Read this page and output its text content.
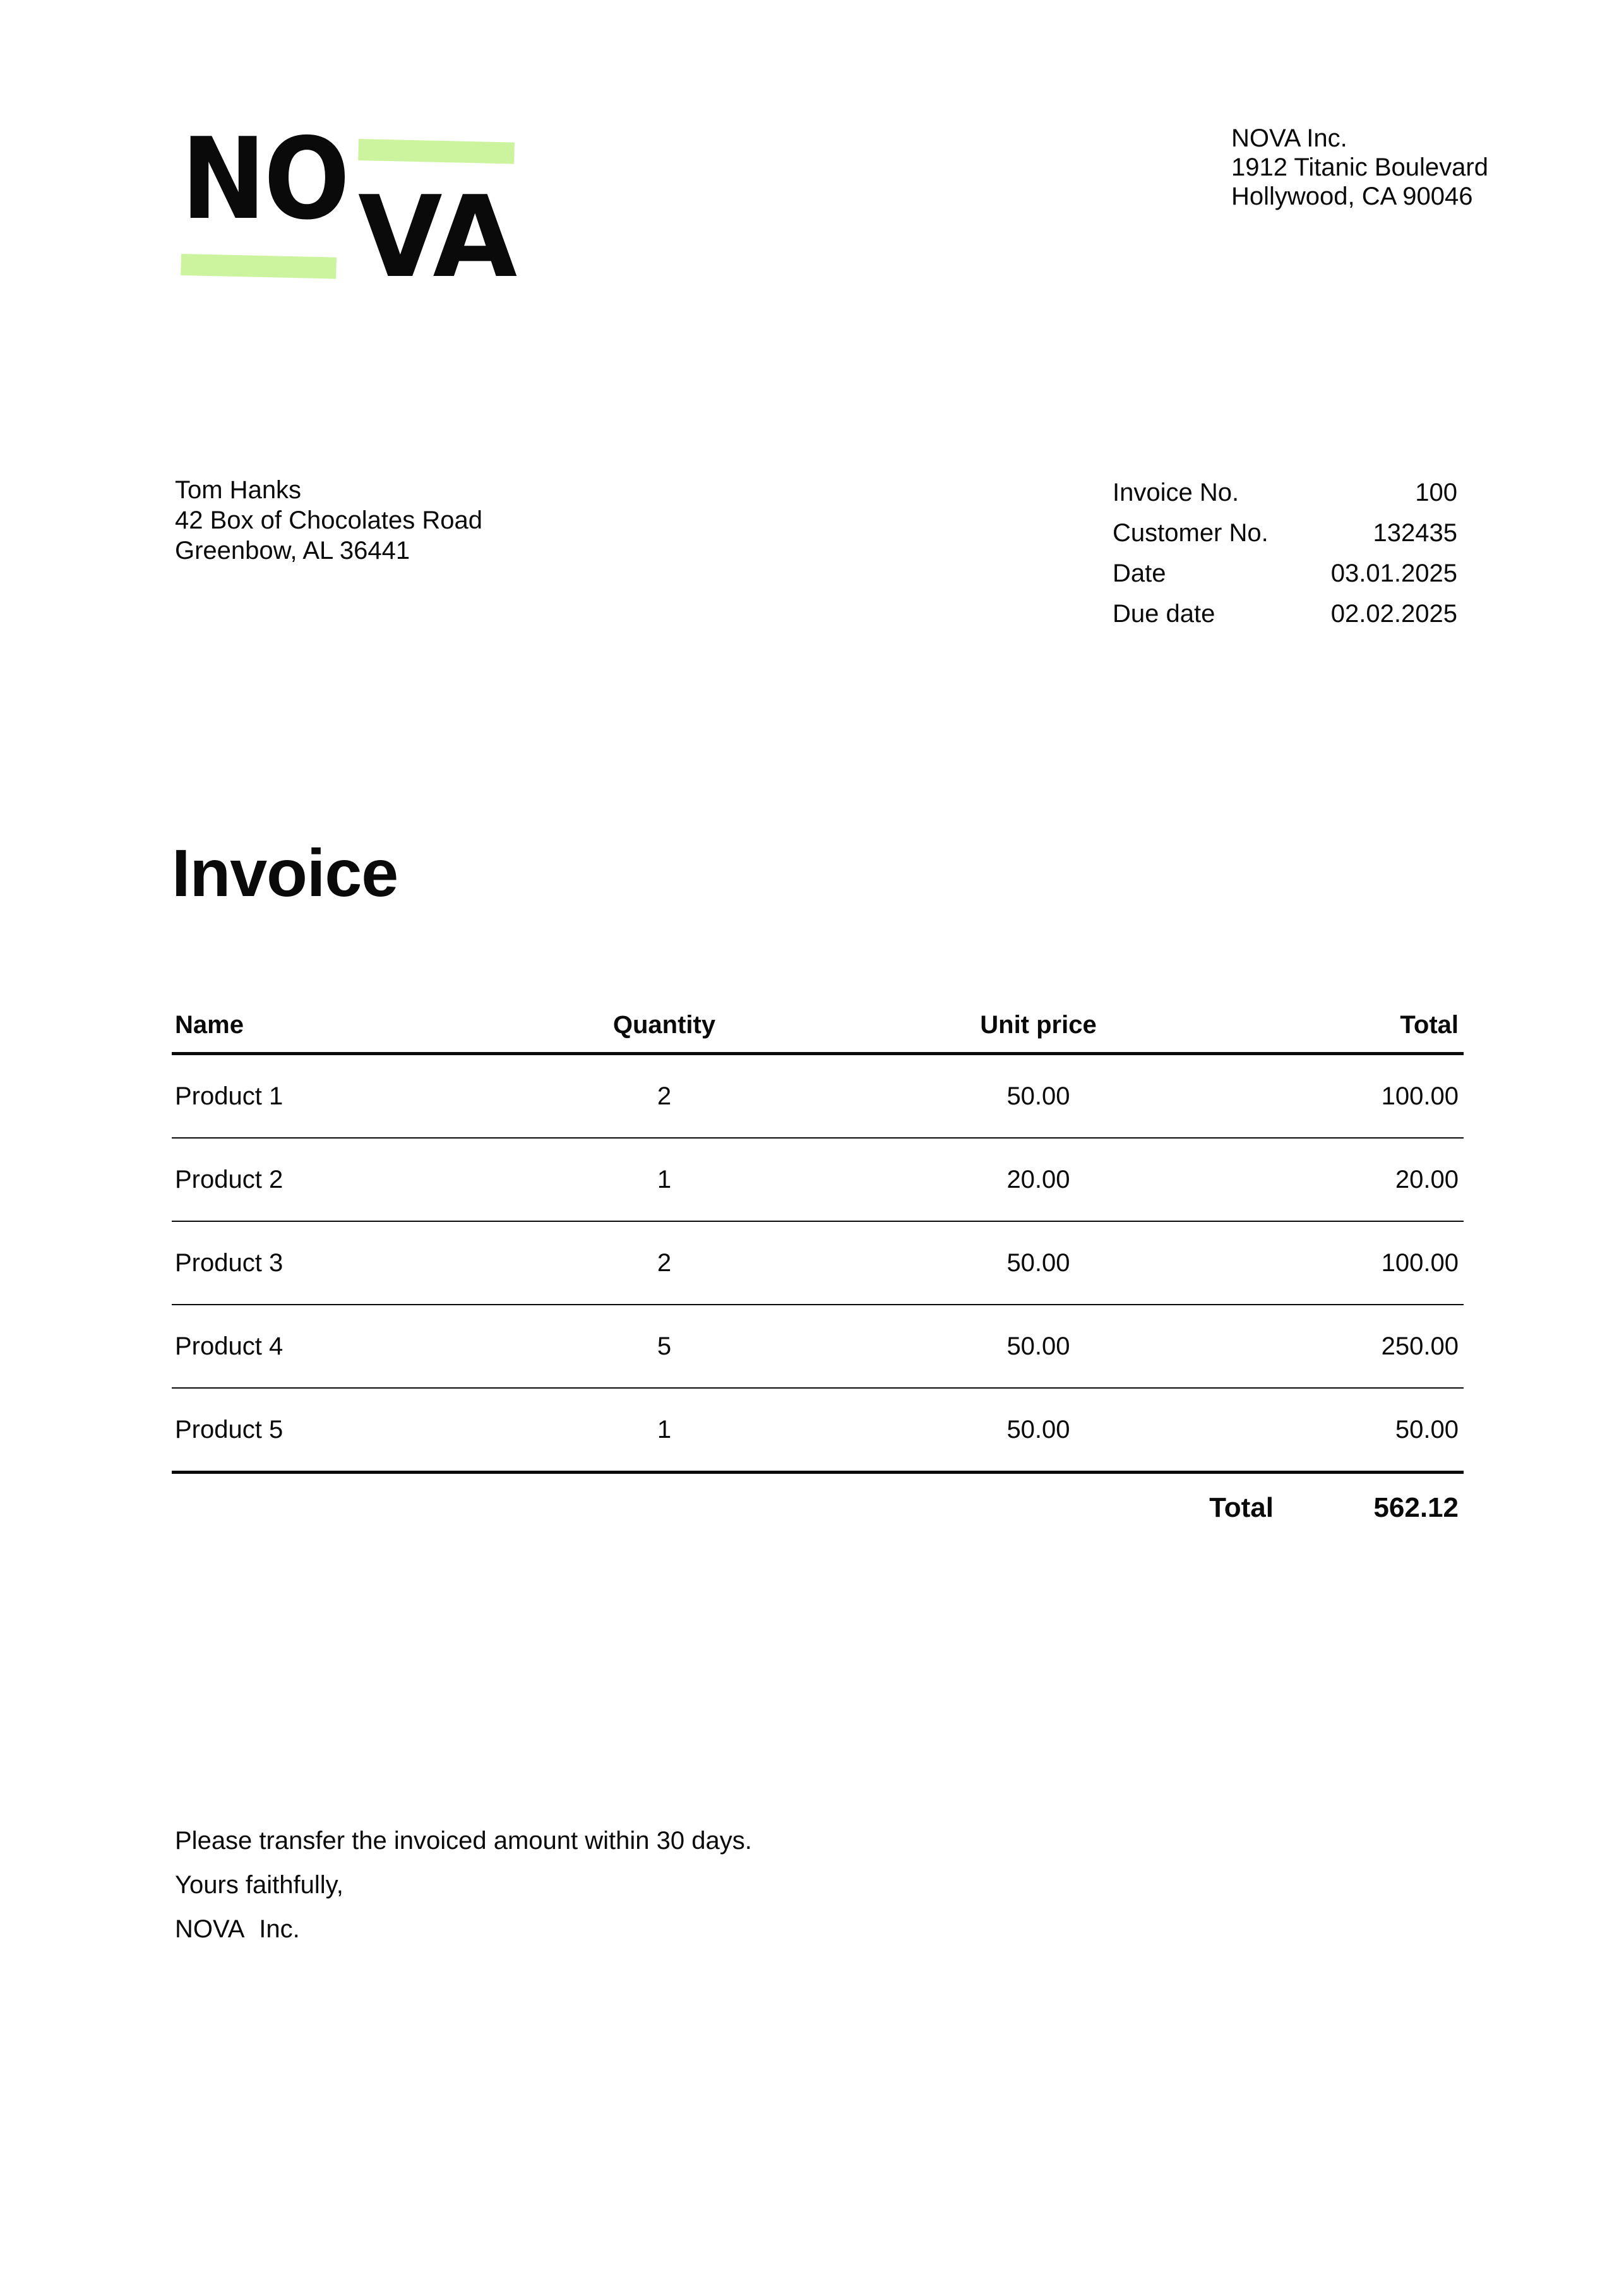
NO VA
NOVA Inc.
1912 Titanic Boulevard
Hollywood, CA 90046
Tom Hanks
42 Box of Chocolates Road
Greenbow, AL 36441
Invoice No.	100
Customer No.	132435
Date	03.01.2025
Due date	02.02.2025
Invoice
Name	Quantity	Unit price	Total
Product 1	2	50.00	100.00
Product 2	1	20.00	20.00
Product 3	2	50.00	100.00
Product 4	5	50.00	250.00
Product 5	1	50.00	50.00
Total	562.12
Please transfer the invoiced amount within 30 days.
Yours faithfully,
NOVA Inc.
